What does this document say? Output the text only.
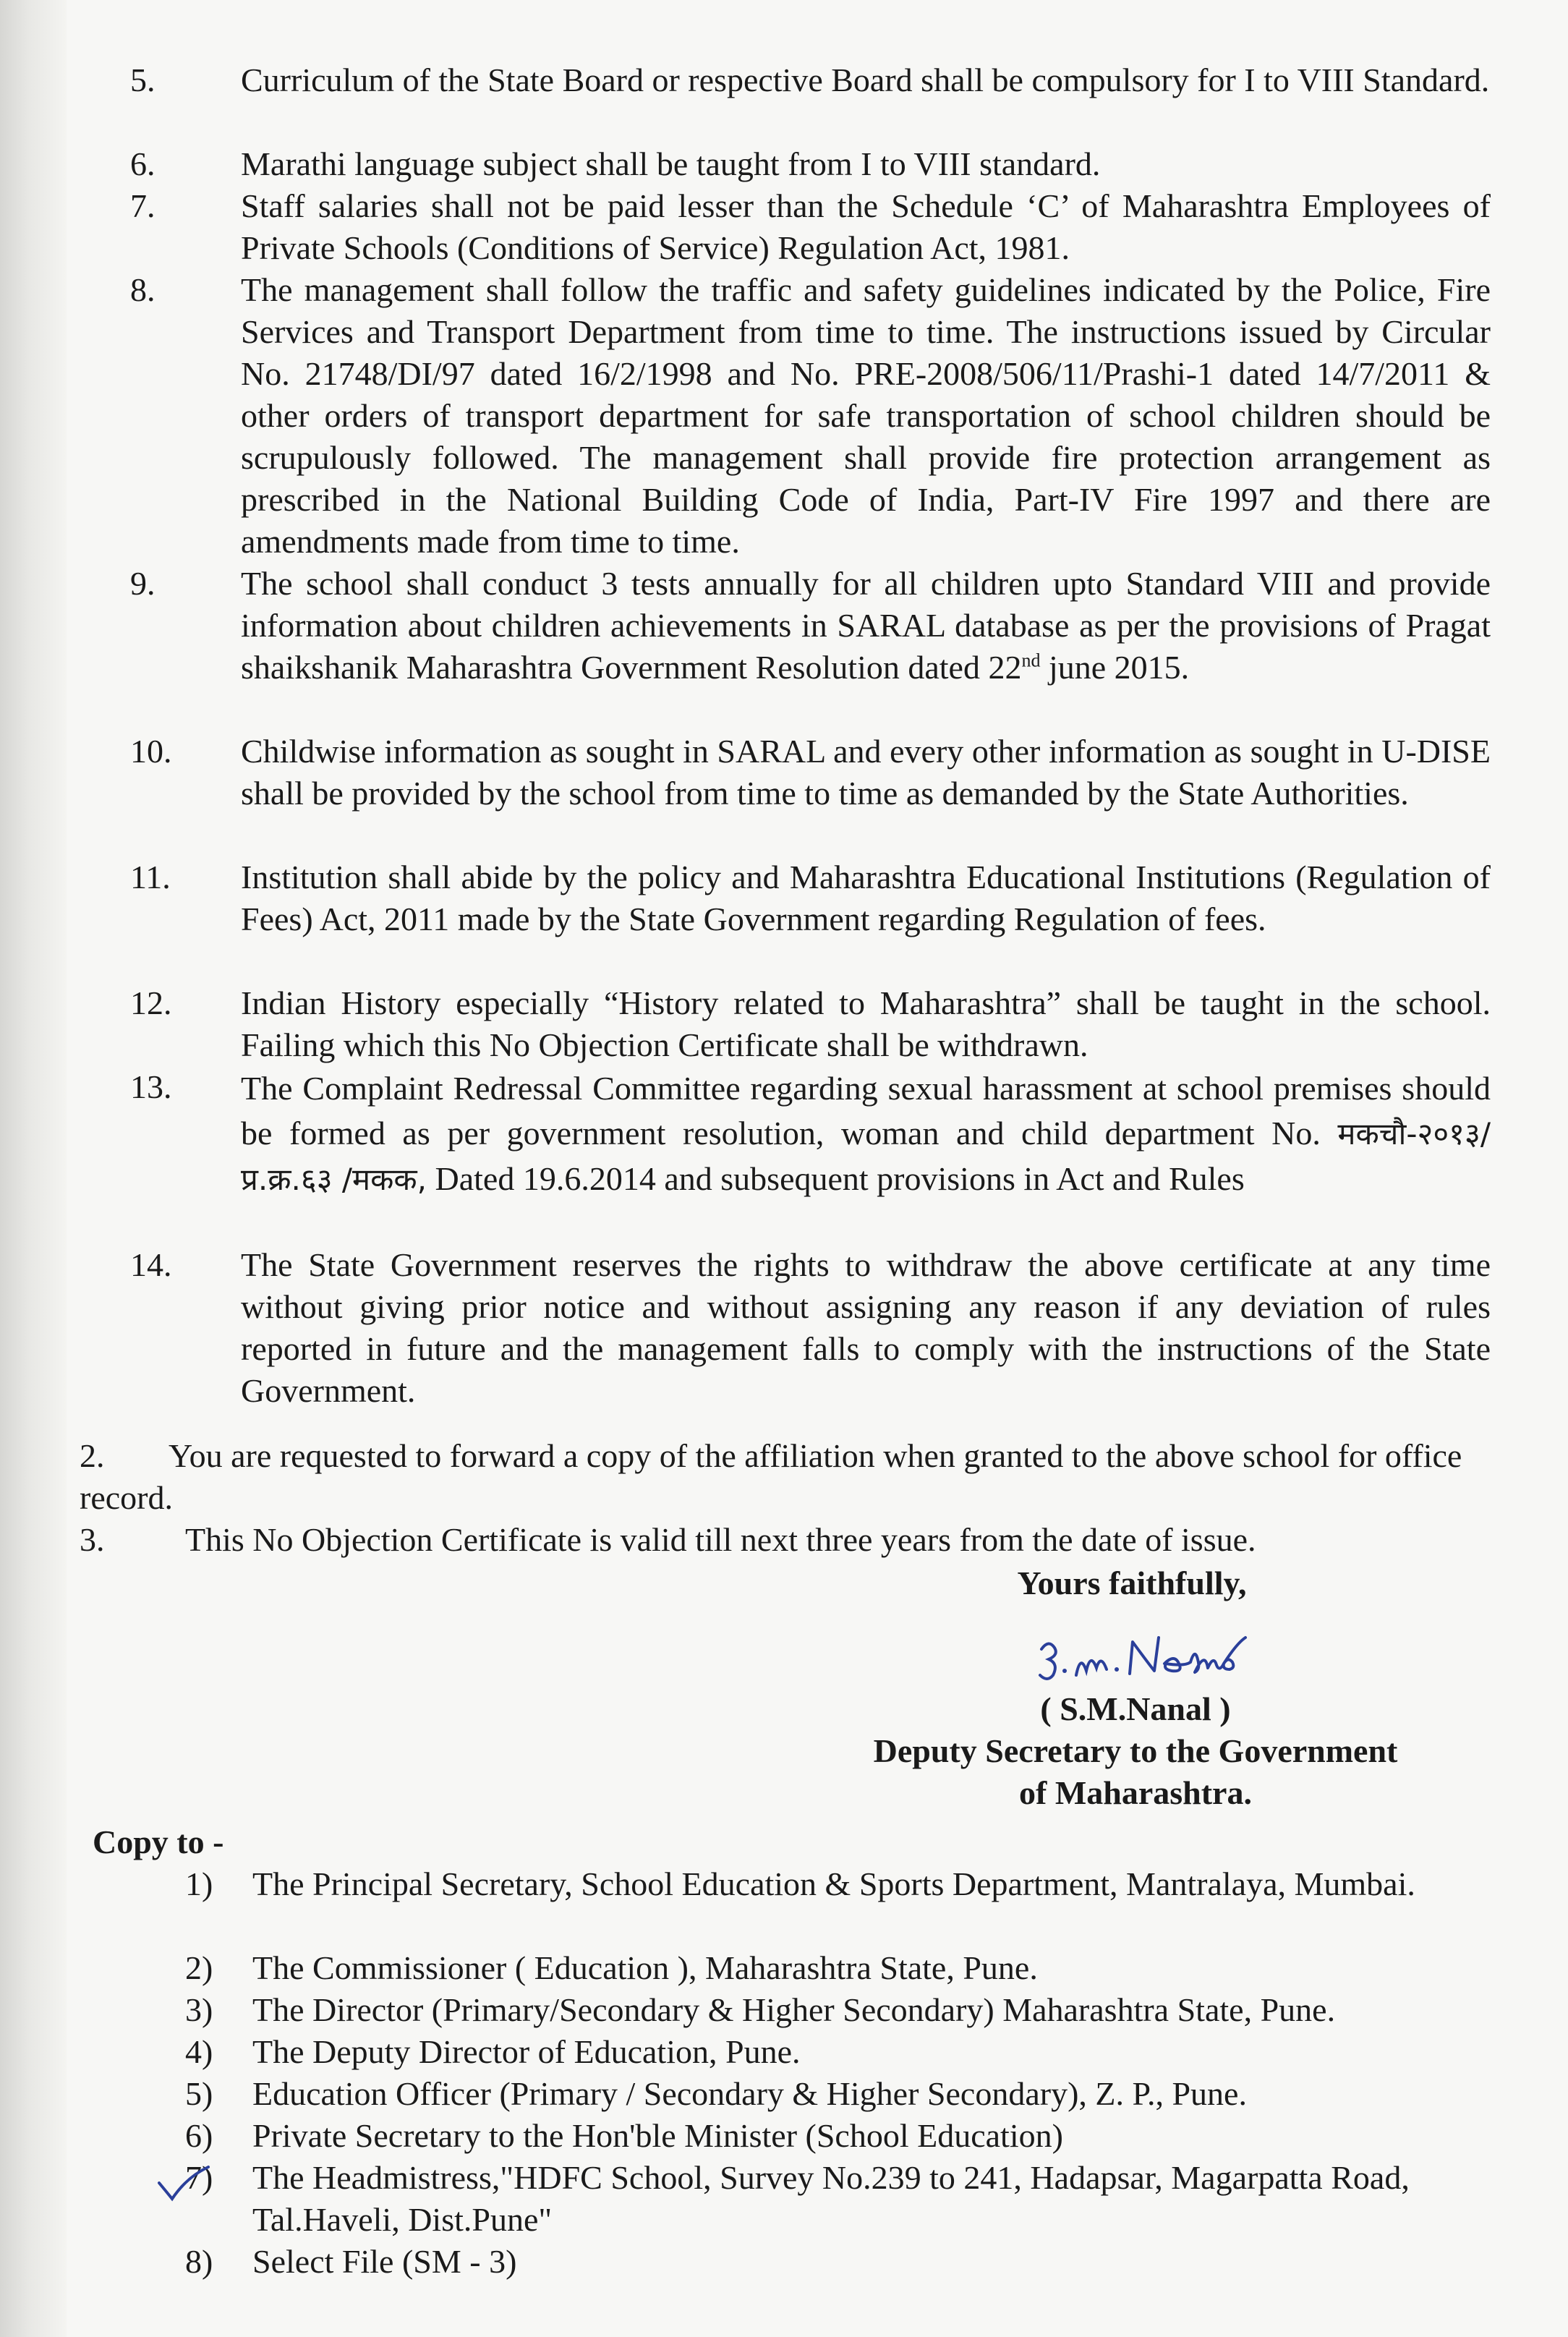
5.	Curriculum of the State Board or respective Board shall be compulsory for I to VIII Standard.
6.	Marathi language subject shall be taught from I to VIII standard.
7.	Staff salaries shall not be paid lesser than the Schedule ‘C’ of Maharashtra Employees of Private Schools (Conditions of Service) Regulation Act, 1981.
8.	The management shall follow the traffic and safety guidelines indicated by the Police, Fire Services and Transport Department from time to time. The instructions issued by Circular No. 21748/DI/97 dated 16/2/1998 and No. PRE-2008/506/11/Prashi-1 dated 14/7/2011 & other orders of transport department for safe transportation of school children should be scrupulously followed. The management shall provide fire protection arrangement as prescribed in the National Building Code of India, Part-IV Fire 1997 and there are amendments made from time to time.
9.	The school shall conduct 3 tests annually for all children upto Standard VIII and provide information about children achievements in SARAL database as per the provisions of Pragat shaikshanik Maharashtra Government Resolution dated 22nd june 2015.
10. Childwise information as sought in SARAL and every other information as sought in U-DISE shall be provided by the school from time to time as demanded by the State Authorities.
11. Institution shall abide by the policy and Maharashtra Educational Institutions (Regulation of Fees) Act, 2011 made by the State Government regarding Regulation of fees.
12. Indian History especially “History related to Maharashtra” shall be taught in the school. Failing which this No Objection Certificate shall be withdrawn.
13. The Complaint Redressal Committee regarding sexual harassment at school premises should be formed as per government resolution, woman and child department No. मकचौ-२०१३/ प्र.क्र.६३ /मकक, Dated 19.6.2014 and subsequent provisions in Act and Rules
14. The State Government reserves the rights to withdraw the above certificate at any time without giving prior notice and without assigning any reason if any deviation of rules reported in future and the management falls to comply with the instructions of the State Government.
2.	You are requested to forward a copy of the affiliation when granted to the above school for office record.
3.	This No Objection Certificate is valid till next three years from the date of issue.
Yours faithfully,
( S.M.Nanal )
Deputy Secretary to the Government
of Maharashtra.
Copy to -
1) The Principal Secretary, School Education & Sports Department, Mantralaya, Mumbai.
2) The Commissioner ( Education ), Maharashtra State, Pune.
3) The Director (Primary/Secondary & Higher Secondary) Maharashtra State, Pune.
4) The Deputy Director of Education, Pune.
5) Education Officer (Primary / Secondary & Higher Secondary), Z. P., Pune.
6) Private Secretary to the Hon'ble Minister (School Education)
7) The Headmistress,"HDFC School, Survey No.239 to 241, Hadapsar, Magarpatta Road, Tal.Haveli, Dist.Pune"
8) Select File (SM - 3)
